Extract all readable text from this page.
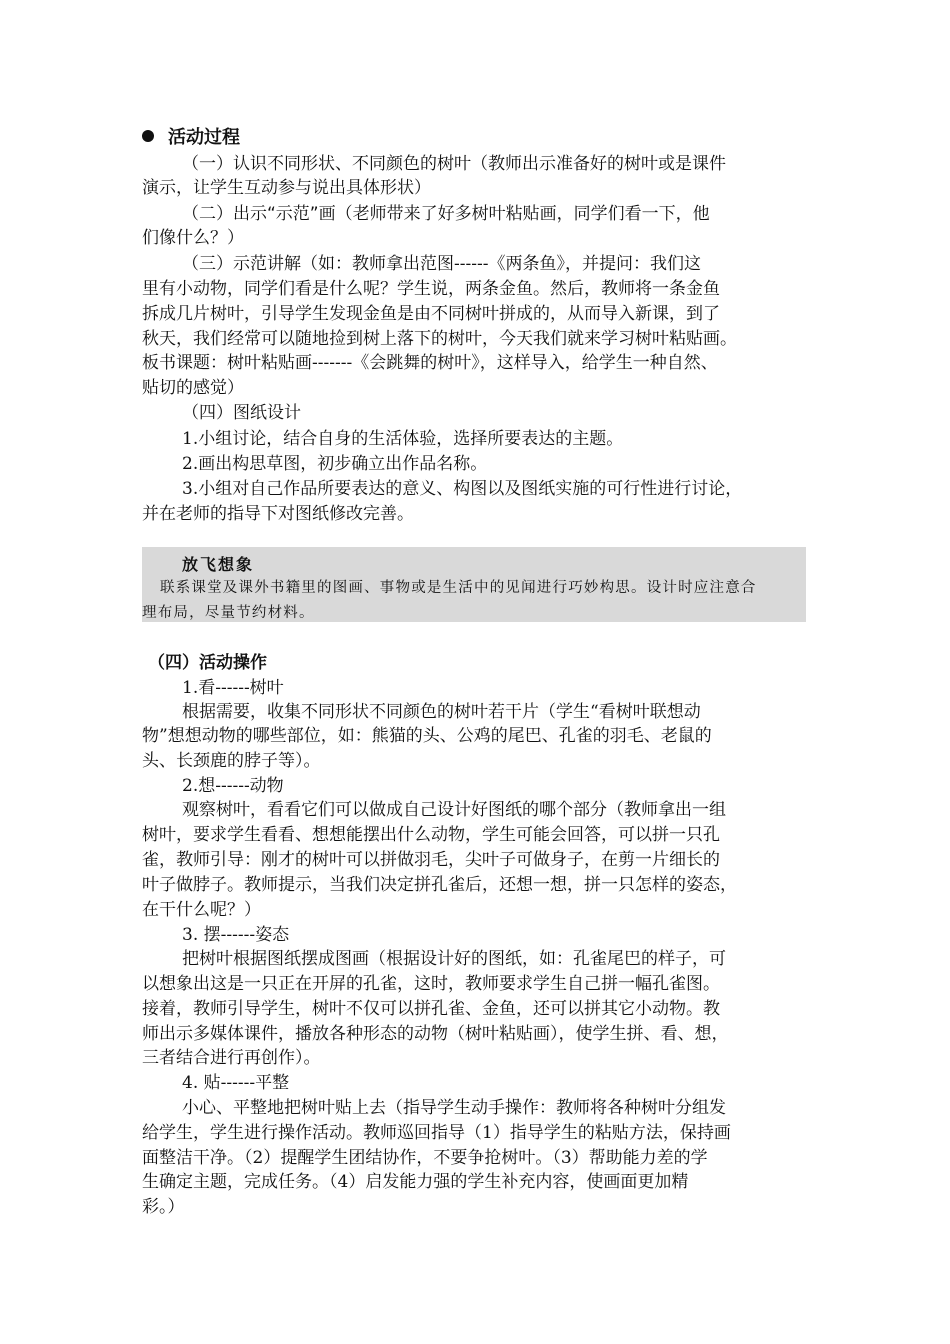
活动过程
（一）认识不同形状、不同颜色的树叶（教师出示准备好的树叶或是课件
演示，让学生互动参与说出具体形状）
（二）出示“示范”画（老师带来了好多树叶粘贴画，同学们看一下，他
们像什么？）
（三）示范讲解（如：教师拿出范图------《两条鱼》，并提问：我们这
里有小动物，同学们看是什么呢？学生说，两条金鱼。然后，教师将一条金鱼
拆成几片树叶，引导学生发现金鱼是由不同树叶拼成的，从而导入新课，到了
秋天，我们经常可以随地捡到树上落下的树叶，今天我们就来学习树叶粘贴画。
板书课题：树叶粘贴画-------《会跳舞的树叶》，这样导入，给学生一种自然、
贴切的感觉）
（四）图纸设计
1.小组讨论，结合自身的生活体验，选择所要表达的主题。
2.画出构思草图，初步确立出作品名称。
3.小组对自己作品所要表达的意义、构图以及图纸实施的可行性进行讨论，
并在老师的指导下对图纸修改完善。
放飞想象
联系课堂及课外书籍里的图画、事物或是生活中的见闻进行巧妙构思。设计时应注意合
理布局，尽量节约材料。
（四）活动操作
1.看------树叶
根据需要，收集不同形状不同颜色的树叶若干片（学生“看树叶联想动
物”想想动物的哪些部位，如：熊猫的头、公鸡的尾巴、孔雀的羽毛、老鼠的
头、长颈鹿的脖子等）。
2.想------动物
观察树叶，看看它们可以做成自己设计好图纸的哪个部分（教师拿出一组
树叶，要求学生看看、想想能摆出什么动物，学生可能会回答，可以拼一只孔
雀，教师引导：刚才的树叶可以拼做羽毛，尖叶子可做身子，在剪一片细长的
叶子做脖子。教师提示，当我们决定拼孔雀后，还想一想，拼一只怎样的姿态，
在干什么呢？）
3. 摆------姿态
把树叶根据图纸摆成图画（根据设计好的图纸，如：孔雀尾巴的样子，可
以想象出这是一只正在开屏的孔雀，这时，教师要求学生自己拼一幅孔雀图。
接着，教师引导学生，树叶不仅可以拼孔雀、金鱼，还可以拼其它小动物。教
师出示多媒体课件，播放各种形态的动物（树叶粘贴画），使学生拼、看、想，
三者结合进行再创作）。
4. 贴------平整
小心、平整地把树叶贴上去（指导学生动手操作：教师将各种树叶分组发
给学生，学生进行操作活动。教师巡回指导（1）指导学生的粘贴方法，保持画
面整洁干净。（2）提醒学生团结协作，不要争抢树叶。（3）帮助能力差的学
生确定主题，完成任务。（4）启发能力强的学生补充内容，使画面更加精
彩。）
